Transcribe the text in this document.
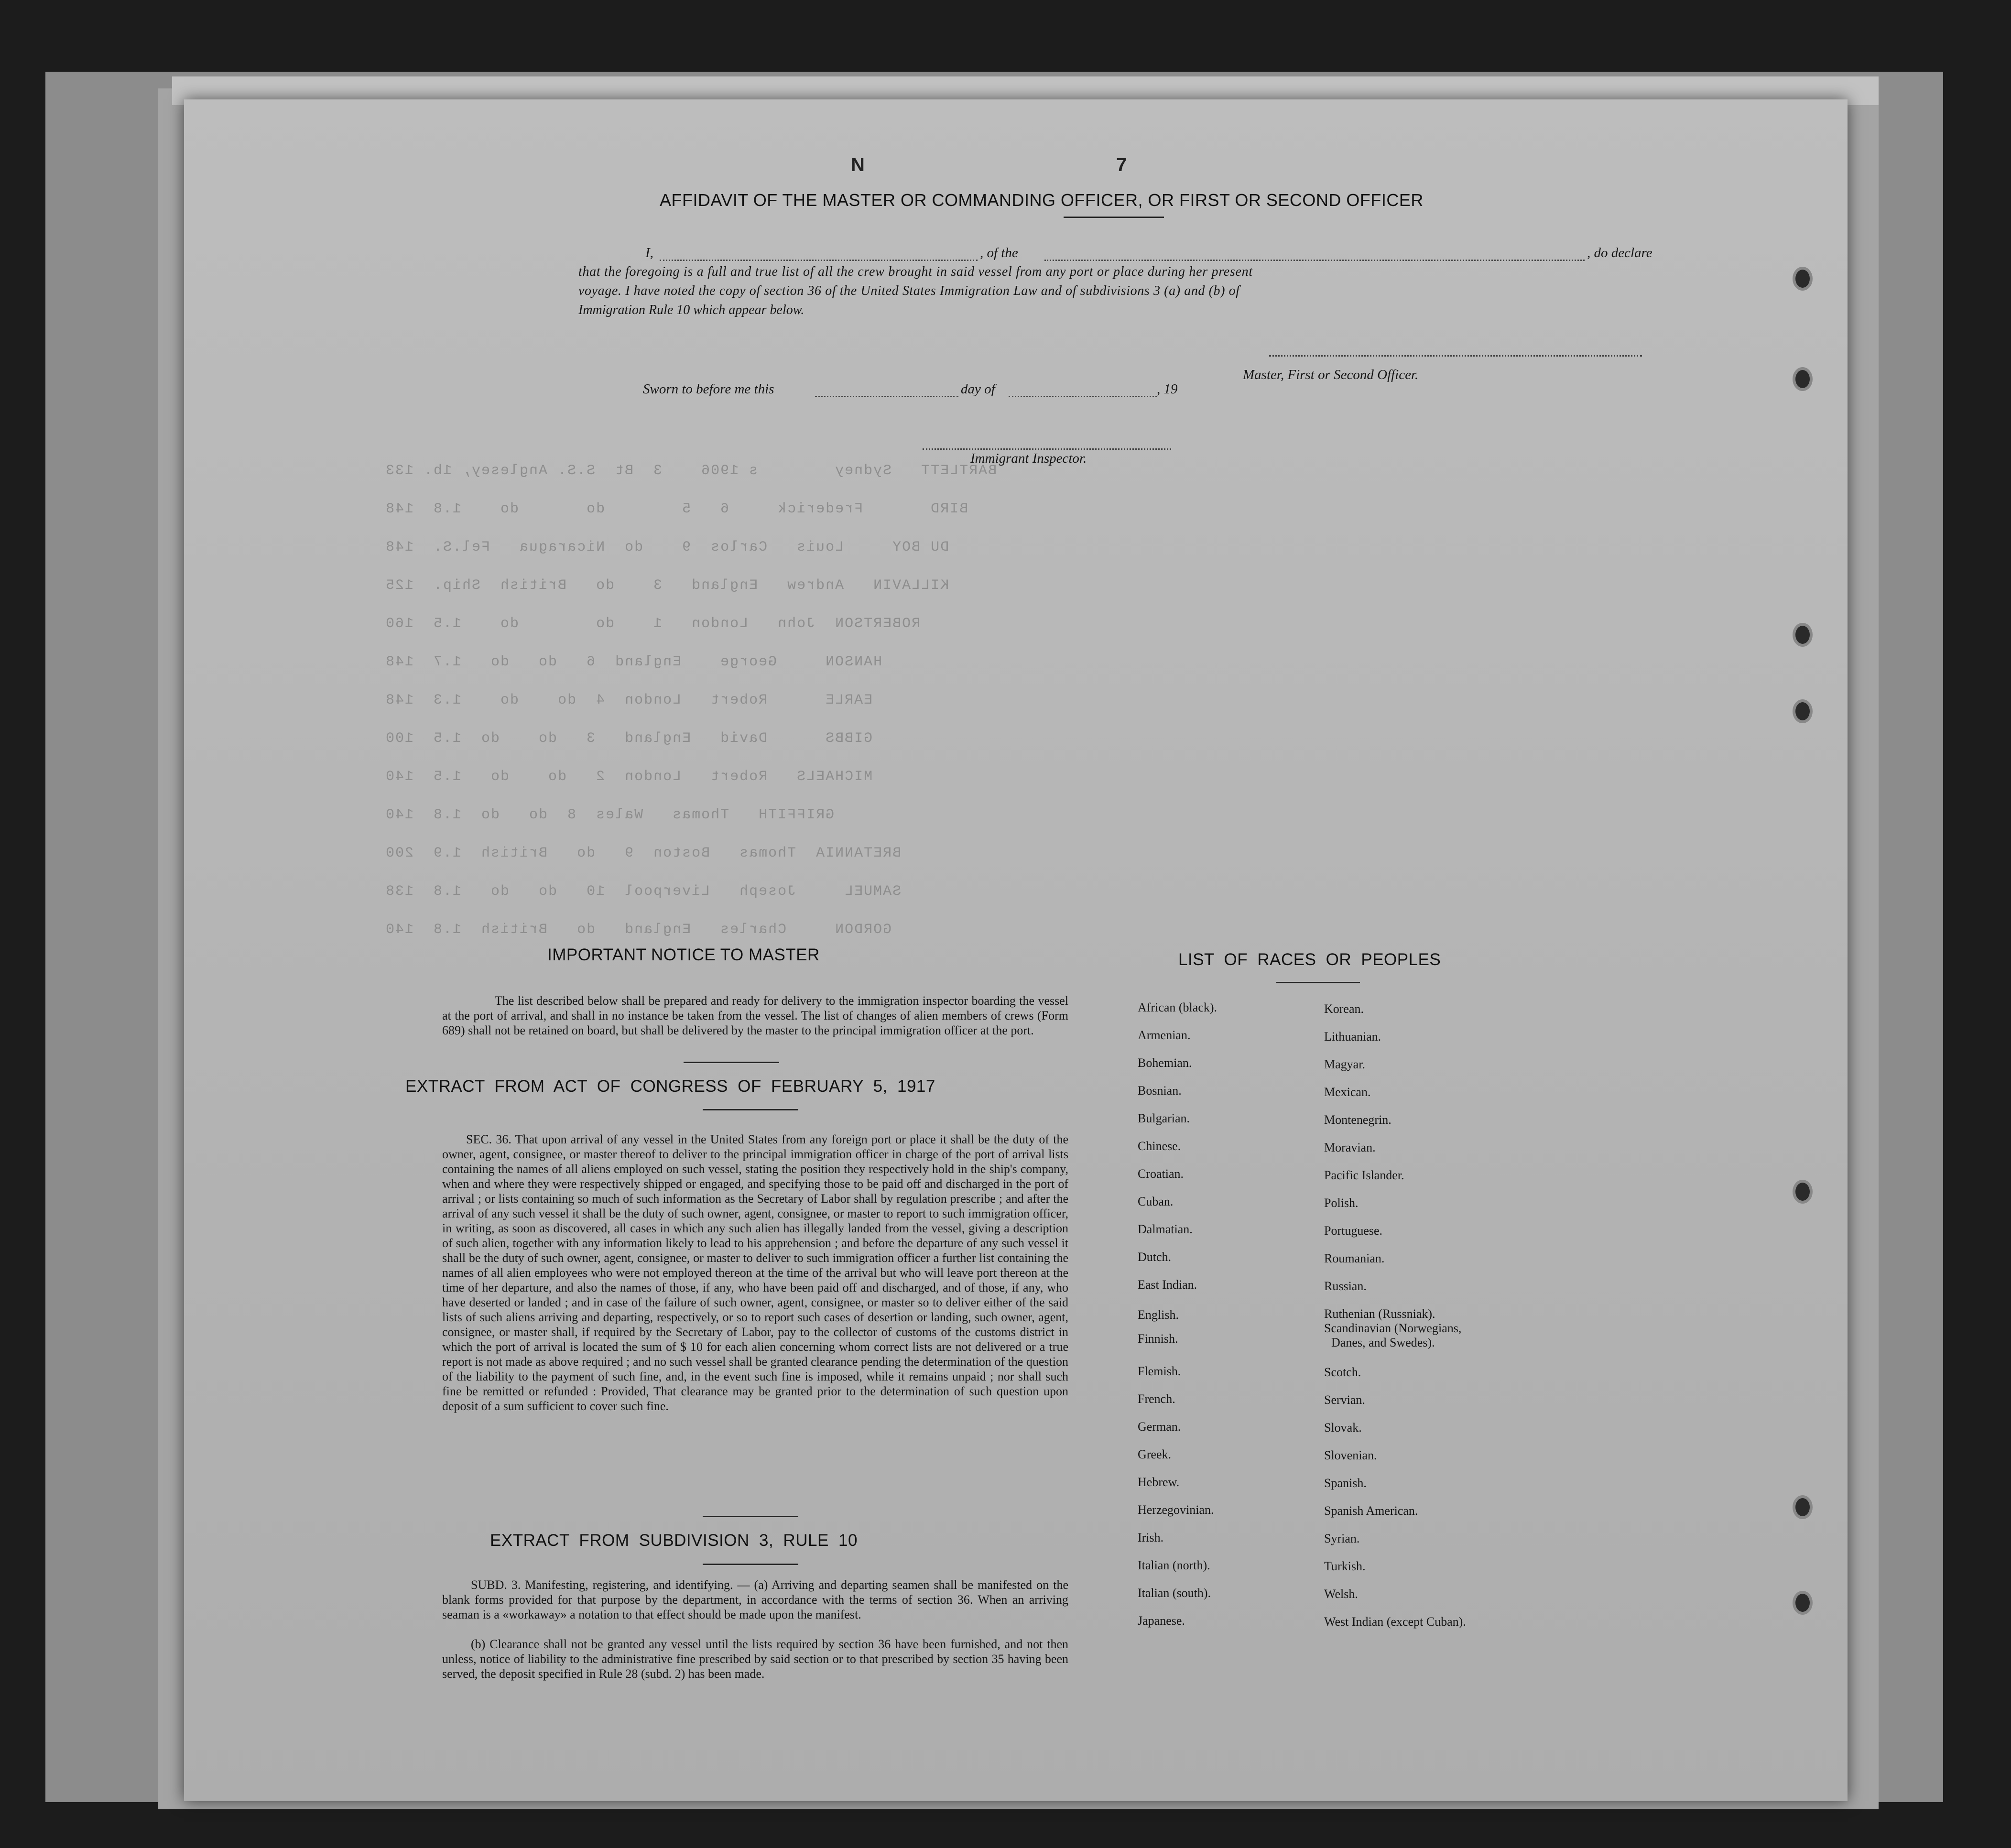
BARTLETT   Sydney        s 1906    3  Bt  S.S. Anglesey, 1b. 133
BIRD       Frederick     6   5        do       do    1.8  148
DU BOY     Louis   Carlos  9    do  Nicaragua   Fel.S.  148
KILLAVIN   Andrew   England   3    do   British  Ship.  125
ROBERTSON  John   London   1    do        do    1.5  160
HANSON     George    England  6   do   do   1.7  148
EARLE      Robert   London  4  do    do    1.3  148
GIBBS      David   England   3   do    do  1.5  100
MICHAELS   Robert   London  2   do    do   1.5  140
GRIFFITH   Thomas   Wales  8  do   do  1.8  140
BRETANNIA  Thomas   Boston  9   do   British  1.9  200
SAMUEL     Joseph   Liverpool  10   do   do   1.8  138
GORDON     Charles   England   do   British  1.8  140
N	7
AFFIDAVIT OF THE MASTER OR COMMANDING OFFICER, OR FIRST OR SECOND OFFICER
I,	, of the	, do declare
that the foregoing is a full and true list of all the crew brought in said vessel from any port or place during her present
voyage. I have noted the copy of section 36 of the United States Immigration Law and of subdivisions 3 (a) and (b) of
Immigration Rule 10 which appear below.
Master, First or Second Officer.
Sworn to before me this	day of	, 19
Immigrant Inspector.
IMPORTANT NOTICE TO MASTER
The list described below shall be prepared and ready for delivery to the immigration inspector boarding the vessel at the port of arrival, and shall in no instance be taken from the vessel. The list of changes of alien members of crews (Form 689) shall not be retained on board, but shall be delivered by the master to the principal immigration officer at the port.
EXTRACT FROM ACT OF CONGRESS OF FEBRUARY 5, 1917
SEC. 36. That upon arrival of any vessel in the United States from any foreign port or place it shall be the duty of the owner, agent, consignee, or master thereof to deliver to the principal immigration officer in charge of the port of arrival lists containing the names of all aliens employed on such vessel, stating the position they respectively hold in the ship's company, when and where they were respectively shipped or engaged, and specifying those to be paid off and discharged in the port of arrival ; or lists containing so much of such information as the Secretary of Labor shall by regulation prescribe ; and after the arrival of any such vessel it shall be the duty of such owner, agent, consignee, or master to report to such immigration officer, in writing, as soon as discovered, all cases in which any such alien has illegally landed from the vessel, giving a description of such alien, together with any information likely to lead to his apprehension ; and before the departure of any such vessel it shall be the duty of such owner, agent, consignee, or master to deliver to such immigration officer a further list containing the names of all alien employees who were not employed thereon at the time of the arrival but who will leave port thereon at the time of her departure, and also the names of those, if any, who have been paid off and discharged, and of those, if any, who have deserted or landed ; and in case of the failure of such owner, agent, consignee, or master so to deliver either of the said lists of such aliens arriving and departing, respectively, or so to report such cases of desertion or landing, such owner, agent, consignee, or master shall, if required by the Secretary of Labor, pay to the collector of customs of the customs district in which the port of arrival is located the sum of $ 10 for each alien concerning whom correct lists are not delivered or a true report is not made as above required ; and no such vessel shall be granted clearance pending the determination of the question of the liability to the payment of such fine, and, in the event such fine is imposed, while it remains unpaid ; nor shall such fine be remitted or refunded : Provided, That clearance may be granted prior to the determination of such question upon deposit of a sum sufficient to cover such fine.
EXTRACT FROM SUBDIVISION 3, RULE 10
SUBD. 3. Manifesting, registering, and identifying. — (a) Arriving and departing seamen shall be manifested on the blank forms provided for that purpose by the department, in accordance with the terms of section 36. When an arriving seaman is a «workaway» a notation to that effect should be made upon the manifest.
(b) Clearance shall not be granted any vessel until the lists required by section 36 have been furnished, and not then unless, notice of liability to the administrative fine prescribed by said section or to that prescribed by section 35 having been served, the deposit specified in Rule 28 (subd. 2) has been made.
LIST OF RACES OR PEOPLES
African (black).
Armenian.
Bohemian.
Bosnian.
Bulgarian.
Chinese.
Croatian.
Cuban.
Dalmatian.
Dutch.
East Indian.
English.
Finnish.
Flemish.
French.
German.
Greek.
Hebrew.
Herzegovinian.
Irish.
Italian (north).
Italian (south).
Japanese.
Korean.
Lithuanian.
Magyar.
Mexican.
Montenegrin.
Moravian.
Pacific Islander.
Polish.
Portuguese.
Roumanian.
Russian.
Ruthenian (Russniak).
Scandinavian (Norwegians,
Danes, and Swedes).
Scotch.
Servian.
Slovak.
Slovenian.
Spanish.
Spanish American.
Syrian.
Turkish.
Welsh.
West Indian (except Cuban).
